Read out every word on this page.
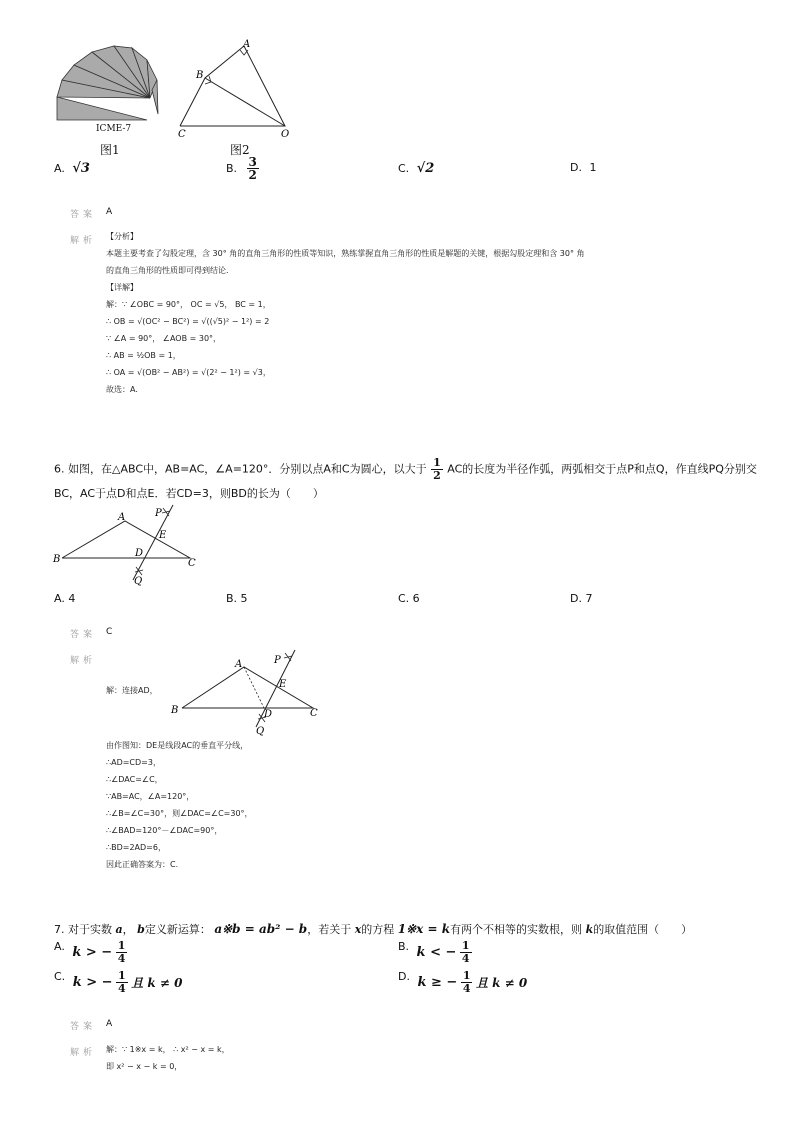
ICME-7
图1
A
B
C	O
图2
A. √3	B. $\frac{3}{2}$	C. √2	D. 1
答案 A
解析 【分析】
本题主要考查了勾股定理，含 30° 角的直角三角形的性质等知识，熟练掌握直角三角形的性质是解题的关键，根据勾股定理和含 30° 角
的直角三角形的性质即可得到结论.
【详解】
解：∵ ∠OBC = 90°， OC = √5， BC = 1，
∴ OB = √(OC² − BC²) = √((√5)² − 1²) = 2
∵ ∠A = 90°， ∠AOB = 30°，
∴ AB = ½OB = 1，
∴ OA = √(OB² − AB²) = √(2² − 1²) = √3，
故选：A.
6. 如图，在△ABC中，AB=AC，∠A=120°．分别以点A和C为圆心，以大于 $\frac{1}{2}$ AC的长度为半径作弧，两弧相交于点P和点Q，作直线PQ分别交
BC，AC于点D和点E．若CD=3，则BD的长为（　　）
A
B	C
D
E
P
Q
A. 4	B. 5	C. 6	D. 7
答案 C
解析	A
B	C
D
E
P
Q
解：连接AD，
由作图知：DE是线段AC的垂直平分线，
∴AD=CD=3，
∴∠DAC=∠C，
∵AB=AC，∠A=120°，
∴∠B=∠C=30°，则∠DAC=∠C=30°，
∴∠BAD=120°－∠DAC=90°，
∴BD=2AD=6，
因此正确答案为：C.
7. 对于实数 a， b定义新运算： a※b = ab² − b，若关于 x的方程 1※x = k有两个不相等的实数根，则 k的取值范围（　　）
A. k > − $\frac{1}{4}$	B. k < − $\frac{1}{4}$
C. k > − $\frac{1}{4}$ 且 k ≠ 0	D. k ≥ − $\frac{1}{4}$ 且 k ≠ 0
答案 A
解析 解：∵ 1※x = k， ∴ x² − x = k，
即 x² − x − k = 0，
